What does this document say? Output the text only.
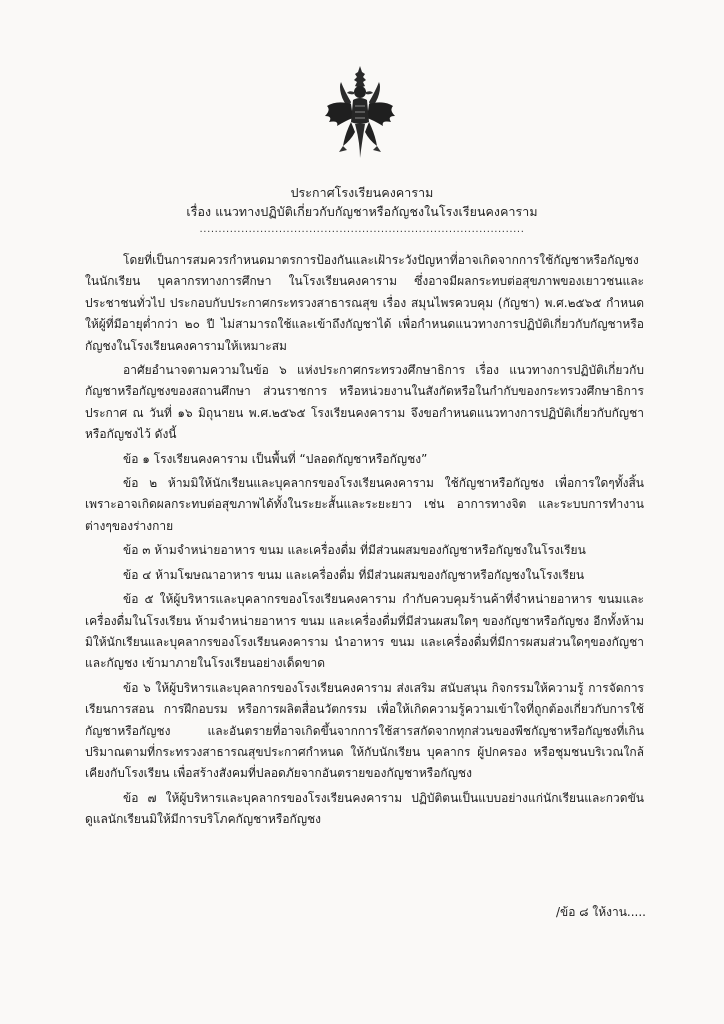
ประกาศโรงเรียนคงคาราม
เรื่อง แนวทางปฏิบัติเกี่ยวกับกัญชาหรือกัญชงในโรงเรียนคงคาราม
......................................................................................

โดยที่เป็นการสมควรกำหนดมาตรการป้องกันและเฝ้าระวังปัญหาที่อาจเกิดจากการใช้กัญชาหรือกัญชงในนักเรียน บุคลากรทางการศึกษา ในโรงเรียนคงคาราม ซึ่งอาจมีผลกระทบต่อสุขภาพของเยาวชนและประชาชนทั่วไป ประกอบกับประกาศกระทรวงสาธารณสุข เรื่อง สมุนไพรควบคุม (กัญชา) พ.ศ.๒๕๖๕ กำหนดให้ผู้ที่มีอายุต่ำกว่า ๒๐ ปี ไม่สามารถใช้และเข้าถึงกัญชาได้ เพื่อกำหนดแนวทางการปฏิบัติเกี่ยวกับกัญชาหรือกัญชงในโรงเรียนคงคารามให้เหมาะสม

อาศัยอำนาจตามความในข้อ ๖ แห่งประกาศกระทรวงศึกษาธิการ เรื่อง แนวทางการปฏิบัติเกี่ยวกับกัญชาหรือกัญชงของสถานศึกษา ส่วนราชการ หรือหน่วยงานในสังกัดหรือในกำกับของกระทรวงศึกษาธิการ ประกาศ ณ วันที่ ๑๖ มิถุนายน พ.ศ.๒๕๖๕ โรงเรียนคงคาราม จึงขอกำหนดแนวทางการปฏิบัติเกี่ยวกับกัญชาหรือกัญชงไว้ ดังนี้

ข้อ ๑ โรงเรียนคงคาราม เป็นพื้นที่ “ปลอดกัญชาหรือกัญชง”

ข้อ ๒ ห้ามมิให้นักเรียนและบุคลากรของโรงเรียนคงคาราม ใช้กัญชาหรือกัญชง เพื่อการใดๆทั้งสิ้น เพราะอาจเกิดผลกระทบต่อสุขภาพได้ทั้งในระยะสั้นและระยะยาว เช่น อาการทางจิต และระบบการทำงานต่างๆของร่างกาย

ข้อ ๓ ห้ามจำหน่ายอาหาร ขนม และเครื่องดื่ม ที่มีส่วนผสมของกัญชาหรือกัญชงในโรงเรียน

ข้อ ๔ ห้ามโฆษณาอาหาร ขนม และเครื่องดื่ม ที่มีส่วนผสมของกัญชาหรือกัญชงในโรงเรียน

ข้อ ๕ ให้ผู้บริหารและบุคลากรของโรงเรียนคงคาราม กำกับควบคุมร้านค้าที่จำหน่ายอาหาร ขนมและเครื่องดื่มในโรงเรียน ห้ามจำหน่ายอาหาร ขนม และเครื่องดื่มที่มีส่วนผสมใดๆ ของกัญชาหรือกัญชง อีกทั้งห้ามมิให้นักเรียนและบุคลากรของโรงเรียนคงคาราม นำอาหาร ขนม และเครื่องดื่มที่มีการผสมส่วนใดๆของกัญชาและกัญชง เข้ามาภายในโรงเรียนอย่างเด็ดขาด

ข้อ ๖ ให้ผู้บริหารและบุคลากรของโรงเรียนคงคาราม ส่งเสริม สนับสนุน กิจกรรมให้ความรู้ การจัดการเรียนการสอน การฝึกอบรม หรือการผลิตสื่อนวัตกรรม เพื่อให้เกิดความรู้ความเข้าใจที่ถูกต้องเกี่ยวกับการใช้กัญชาหรือกัญชง และอันตรายที่อาจเกิดขึ้นจากการใช้สารสกัดจากทุกส่วนของพืชกัญชาหรือกัญชงที่เกินปริมาณตามที่กระทรวงสาธารณสุขประกาศกำหนด ให้กับนักเรียน บุคลากร ผู้ปกครอง หรือชุมชนบริเวณใกล้เคียงกับโรงเรียน เพื่อสร้างสังคมที่ปลอดภัยจากอันตรายของกัญชาหรือกัญชง

ข้อ ๗ ให้ผู้บริหารและบุคลากรของโรงเรียนคงคาราม ปฏิบัติตนเป็นแบบอย่างแก่นักเรียนและกวดขันดูแลนักเรียนมิให้มีการบริโภคกัญชาหรือกัญชง

/ข้อ ๘ ให้งาน.....
